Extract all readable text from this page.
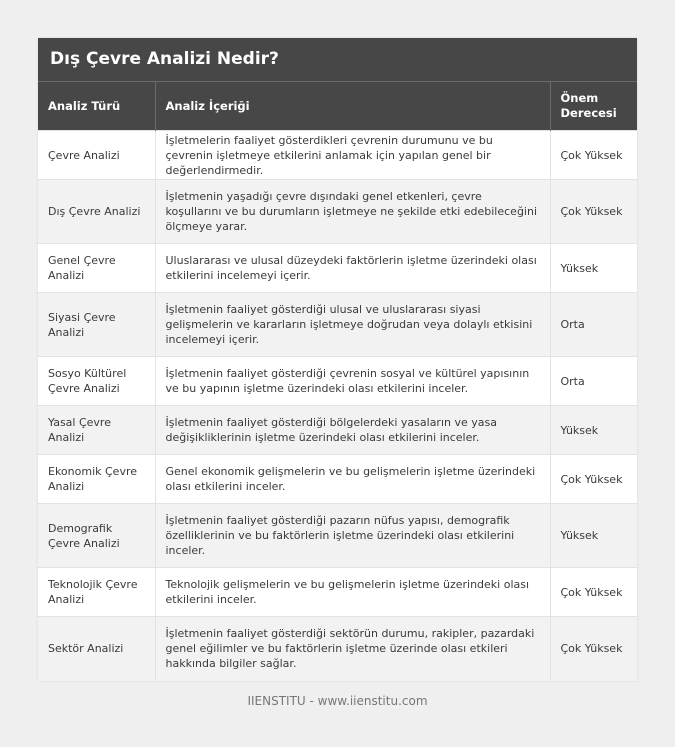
Dış Çevre Analizi Nedir?
Analiz Türü	Analiz İçeriği	Önem Derecesi
Çevre Analizi	İşletmelerin faaliyet gösterdikleri çevrenin durumunu ve bu çevrenin işletmeye etkilerini anlamak için yapılan genel bir değerlendirmedir.	Çok Yüksek
Dış Çevre Analizi	İşletmenin yaşadığı çevre dışındaki genel etkenleri, çevre koşullarını ve bu durumların işletmeye ne şekilde etki edebileceğini ölçmeye yarar.	Çok Yüksek
Genel Çevre Analizi	Uluslararası ve ulusal düzeydeki faktörlerin işletme üzerindeki olası etkilerini incelemeyi içerir.	Yüksek
Siyasi Çevre Analizi	İşletmenin faaliyet gösterdiği ulusal ve uluslararası siyasi gelişmelerin ve kararların işletmeye doğrudan veya dolaylı etkisini incelemeyi içerir.	Orta
Sosyo Kültürel Çevre Analizi	İşletmenin faaliyet gösterdiği çevrenin sosyal ve kültürel yapısının ve bu yapının işletme üzerindeki olası etkilerini inceler.	Orta
Yasal Çevre Analizi	İşletmenin faaliyet gösterdiği bölgelerdeki yasaların ve yasa değişikliklerinin işletme üzerindeki olası etkilerini inceler.	Yüksek
Ekonomik Çevre Analizi	Genel ekonomik gelişmelerin ve bu gelişmelerin işletme üzerindeki olası etkilerini inceler.	Çok Yüksek
Demografik Çevre Analizi	İşletmenin faaliyet gösterdiği pazarın nüfus yapısı, demografik özelliklerinin ve bu faktörlerin işletme üzerindeki olası etkilerini inceler.	Yüksek
Teknolojik Çevre Analizi	Teknolojik gelişmelerin ve bu gelişmelerin işletme üzerindeki olası etkilerini inceler.	Çok Yüksek
Sektör Analizi	İşletmenin faaliyet gösterdiği sektörün durumu, rakipler, pazardaki genel eğilimler ve bu faktörlerin işletme üzerinde olası etkileri hakkında bilgiler sağlar.	Çok Yüksek
IIENSTITU - www.iienstitu.com
